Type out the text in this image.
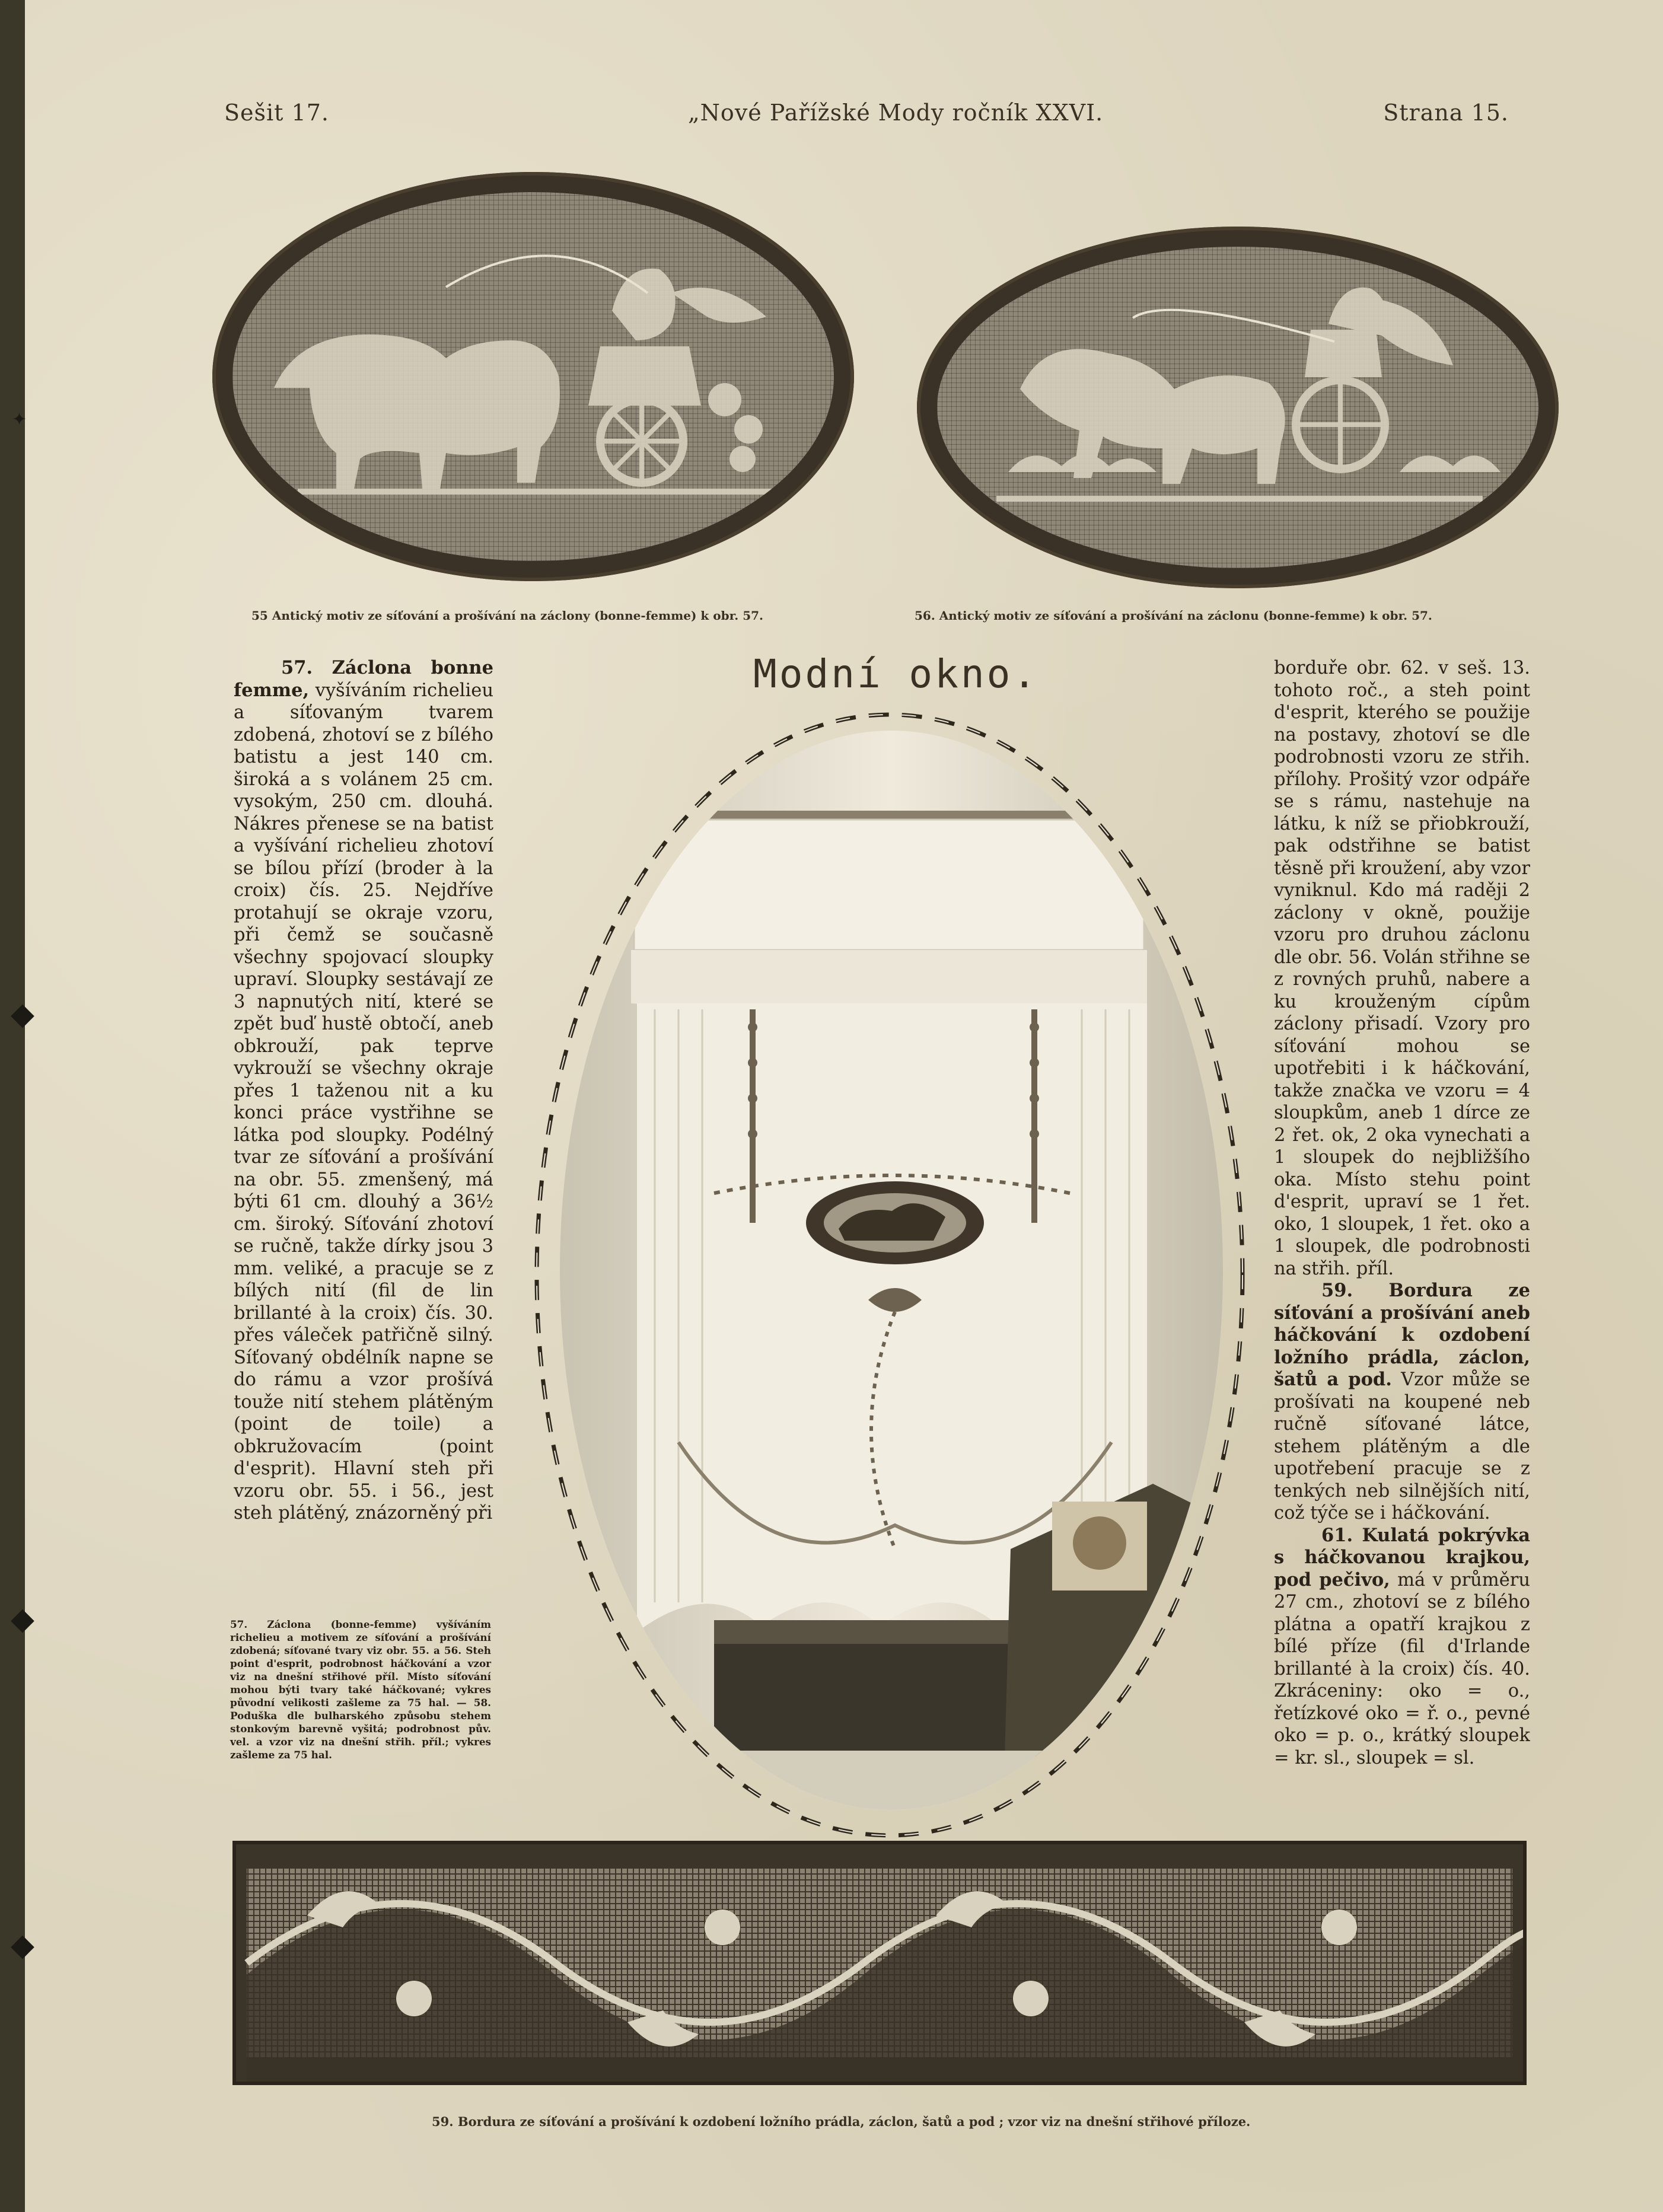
Sešit 17.	„Nové Pařížské Mody ročník XXVI.	Strana 15.
55 Antický motiv ze síťování a prošívání na záclony (bonne-femme) k obr. 57.	56. Antický motiv ze síťování a prošívání na záclonu (bonne-femme) k obr. 57.

57. Záclona bonne femme, vyšíváním richelieu a síťovaným tvarem zdobená, zhotoví se z bílého batistu a jest 140 cm. široká a s volánem 25 cm. vysokým, 250 cm. dlouhá. Nákres přenese se na batist a vyšívání richelieu zhotoví se bílou přízí (broder à la croix) čís. 25. Nejdříve protahují se okraje vzoru, při čemž se současně všechny spojovací sloupky upraví. Sloupky sestávají ze 3 napnutých nití, které se zpět buď hustě obtočí, aneb obkrouží, pak teprve vykrouží se všechny okraje přes 1 taženou nit a ku konci práce vystřihne se látka pod sloupky. Podélný tvar ze síťování a prošívání na obr. 55. zmenšený, má býti 61 cm. dlouhý a 36½ cm. široký. Síťování zhotoví se ručně, takže dírky jsou 3 mm. veliké, a pracuje se z bílých nití (fil de lin brillanté à la croix) čís. 30. přes váleček patřičně silný. Síťovaný obdélník napne se do rámu a vzor prošívá touže nití stehem plátěným (point de toile) a obkružovacím (point d'esprit). Hlavní steh při vzoru obr. 55. i 56., jest steh plátěný, znázorněný při

57. Záclona (bonne-femme) vyšíváním richelieu a motivem ze síťování a prošívání zdobená; síťované tvary viz obr. 55. a 56. Steh point d'esprit, podrobnost háčkování a vzor viz na dnešní střihové příl. Místo síťování mohou býti tvary také háčkované; vykres původní velikosti zašleme za 75 hal. — 58. Poduška dle bulharského způsobu stehem stonkovým barevně vyšitá; podrobnost pův. vel. a vzor viz na dnešní střih. příl.; vykres zašleme za 75 hal.
Modní okno.	borduře obr. 62. v seš. 13. tohoto roč., a steh point d'esprit, kterého se použije na postavy, zhotoví se dle podrobnosti vzoru ze střih. přílohy. Prošitý vzor odpáře se s rámu, nastehuje na látku, k níž se přiobkrouží, pak odstřihne se batist těsně při kroužení, aby vzor vyniknul. Kdo má raději 2 záclony v okně, použije vzoru pro druhou záclonu dle obr. 56. Volán střihne se z rovných pruhů, nabere a ku krouženým cípům záclony přisadí. Vzory pro síťování mohou se upotřebiti i k háčkování, takže značka ve vzoru = 4 sloupkům, aneb 1 dírce ze 2 řet. ok, 2 oka vynechati a 1 sloupek do nejbližšího oka. Místo stehu point d'esprit, upraví se 1 řet. oko, 1 sloupek, 1 řet. oko a 1 sloupek, dle podrobnosti na střih. příl.

59. Bordura ze síťování a prošívání aneb háčkování k ozdobení ložního prádla, záclon, šatů a pod. Vzor může se prošívati na koupené neb ručně síťované látce, stehem plátěným a dle upotřebení pracuje se z tenkých neb silnějších nití, což týče se i háčkování.

61. Kulatá pokrývka s háčkovanou krajkou, pod pečivo, má v průměru 27 cm., zhotoví se z bílého plátna a opatří krajkou z bílé příze (fil d'Irlande brillanté à la croix) čís. 40. Zkráceniny: oko = o., řetízkové oko = ř. o., pevné oko = p. o., krátký sloupek = kr. sl., sloupek = sl.

59. Bordura ze síťování a prošívání k ozdobení ložního prádla, záclon, šatů a pod ; vzor viz na dnešní střihové příloze.
✦
◆
◆
◆
